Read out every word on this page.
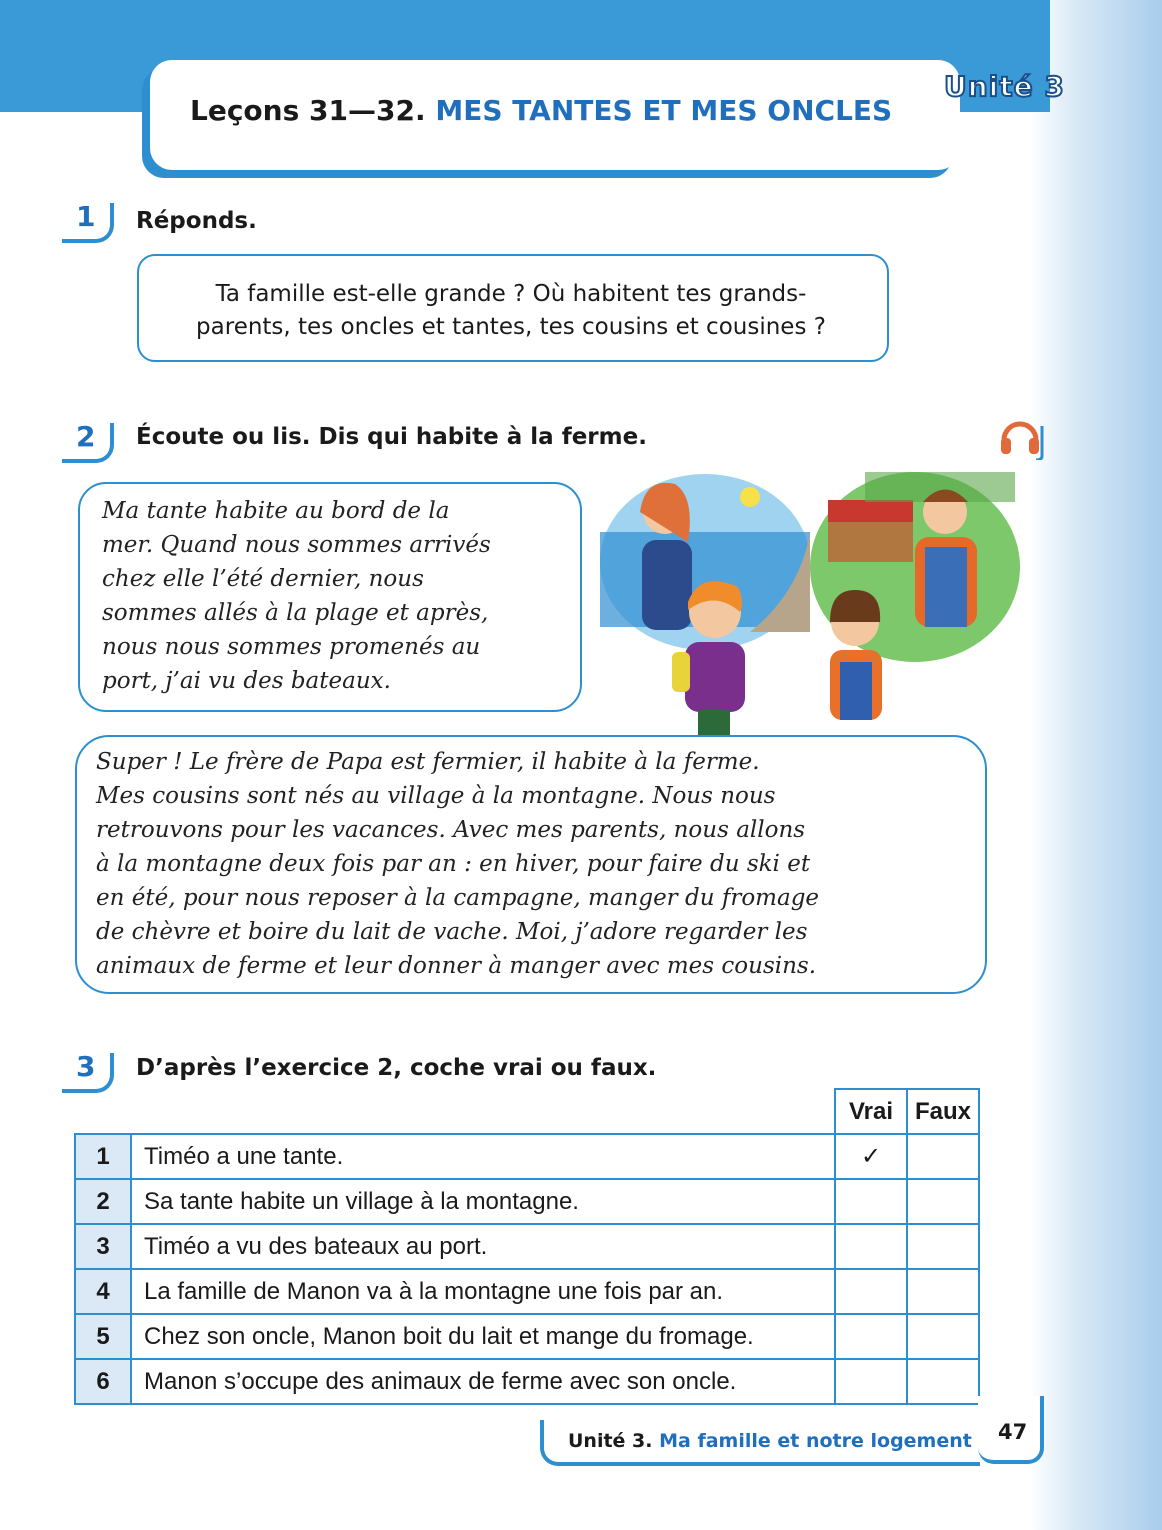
Leçons 31—32. MES TANTES ET MES ONCLES
Unité 3
1 Réponds.
Ta famille est-elle grande ? Où habitent tes grands-
parents, tes oncles et tantes, tes cousins et cousines ?
2 Écoute ou lis. Dis qui habite à la ferme.
Ma tante habite au bord de la
mer. Quand nous sommes arrivés
chez elle l’été dernier, nous
sommes allés à la plage et après,
nous nous sommes promenés au
port, j’ai vu des bateaux.
Super ! Le frère de Papa est fermier, il habite à la ferme.
Mes cousins sont nés au village à la montagne. Nous nous
retrouvons pour les vacances. Avec mes parents, nous allons
à la montagne deux fois par an : en hiver, pour faire du ski et
en été, pour nous reposer à la campagne, manger du fromage
de chèvre et boire du lait de vache. Moi, j’adore regarder les
animaux de ferme et leur donner à manger avec mes cousins.
3 D’après l’exercice 2, coche vrai ou faux.
		Vrai	Faux
1	Timéo a une tante.	✓	
2	Sa tante habite un village à la montagne.		
3	Timéo a vu des bateaux au port.		
4	La famille de Manon va à la montagne une fois par an.		
5	Chez son oncle, Manon boit du lait et mange du fromage.		
6	Manon s’occupe des animaux de ferme avec son oncle.		
Unité 3. Ma famille et notre logement 47
